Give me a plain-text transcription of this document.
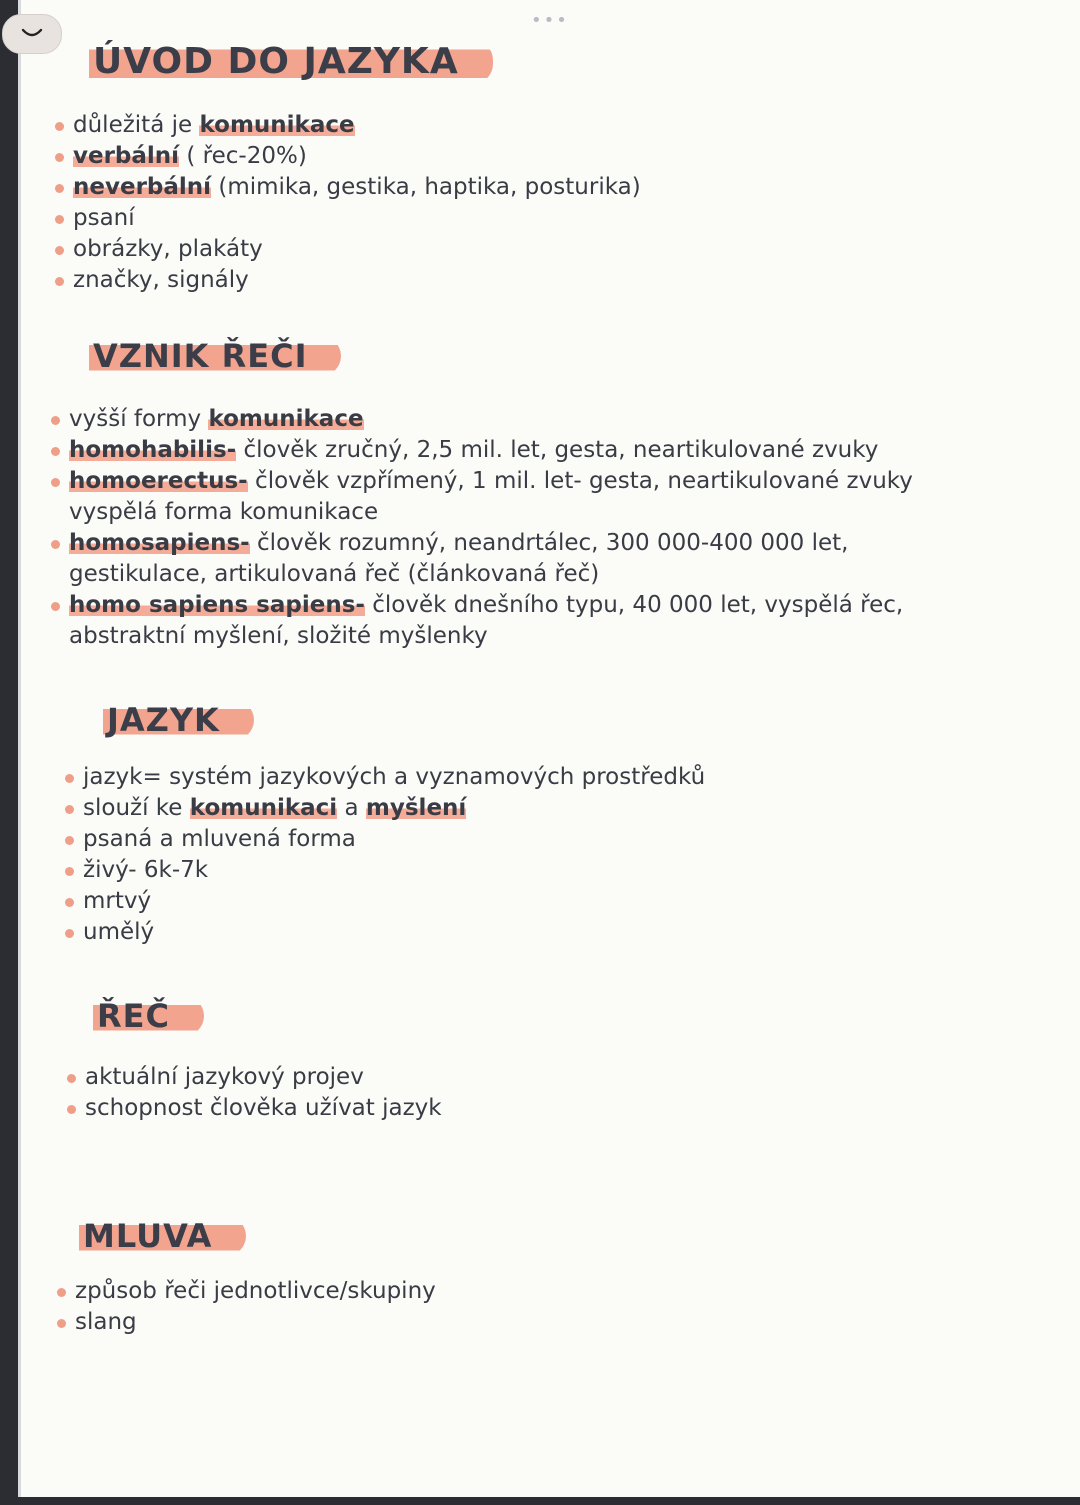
•••
ÚVOD DO JAZYKA
důležitá je komunikace
verbální ( řec-20%)
neverbální (mimika, gestika, haptika, posturika)
psaní
obrázky, plakáty
značky, signály
VZNIK ŘEČI
vyšší formy komunikace
homohabilis- člověk zručný, 2,5 mil. let, gesta, neartikulované zvuky
homoerectus- člověk vzpřímený, 1 mil. let- gesta, neartikulované zvuky
vyspělá forma komunikace
homosapiens- člověk rozumný, neandrtálec, 300 000-400 000 let,
gestikulace, artikulovaná řeč (článkovaná řeč)
homo sapiens sapiens- člověk dnešního typu, 40 000 let, vyspělá řec,
abstraktní myšlení, složité myšlenky
JAZYK
jazyk= systém jazykových a vyznamových prostředků
slouží ke komunikaci a myšlení
psaná a mluvená forma
živý- 6k-7k
mrtvý
umělý
ŘEČ
aktuální jazykový projev
schopnost člověka užívat jazyk
MLUVA
způsob řeči jednotlivce/skupiny
slang
